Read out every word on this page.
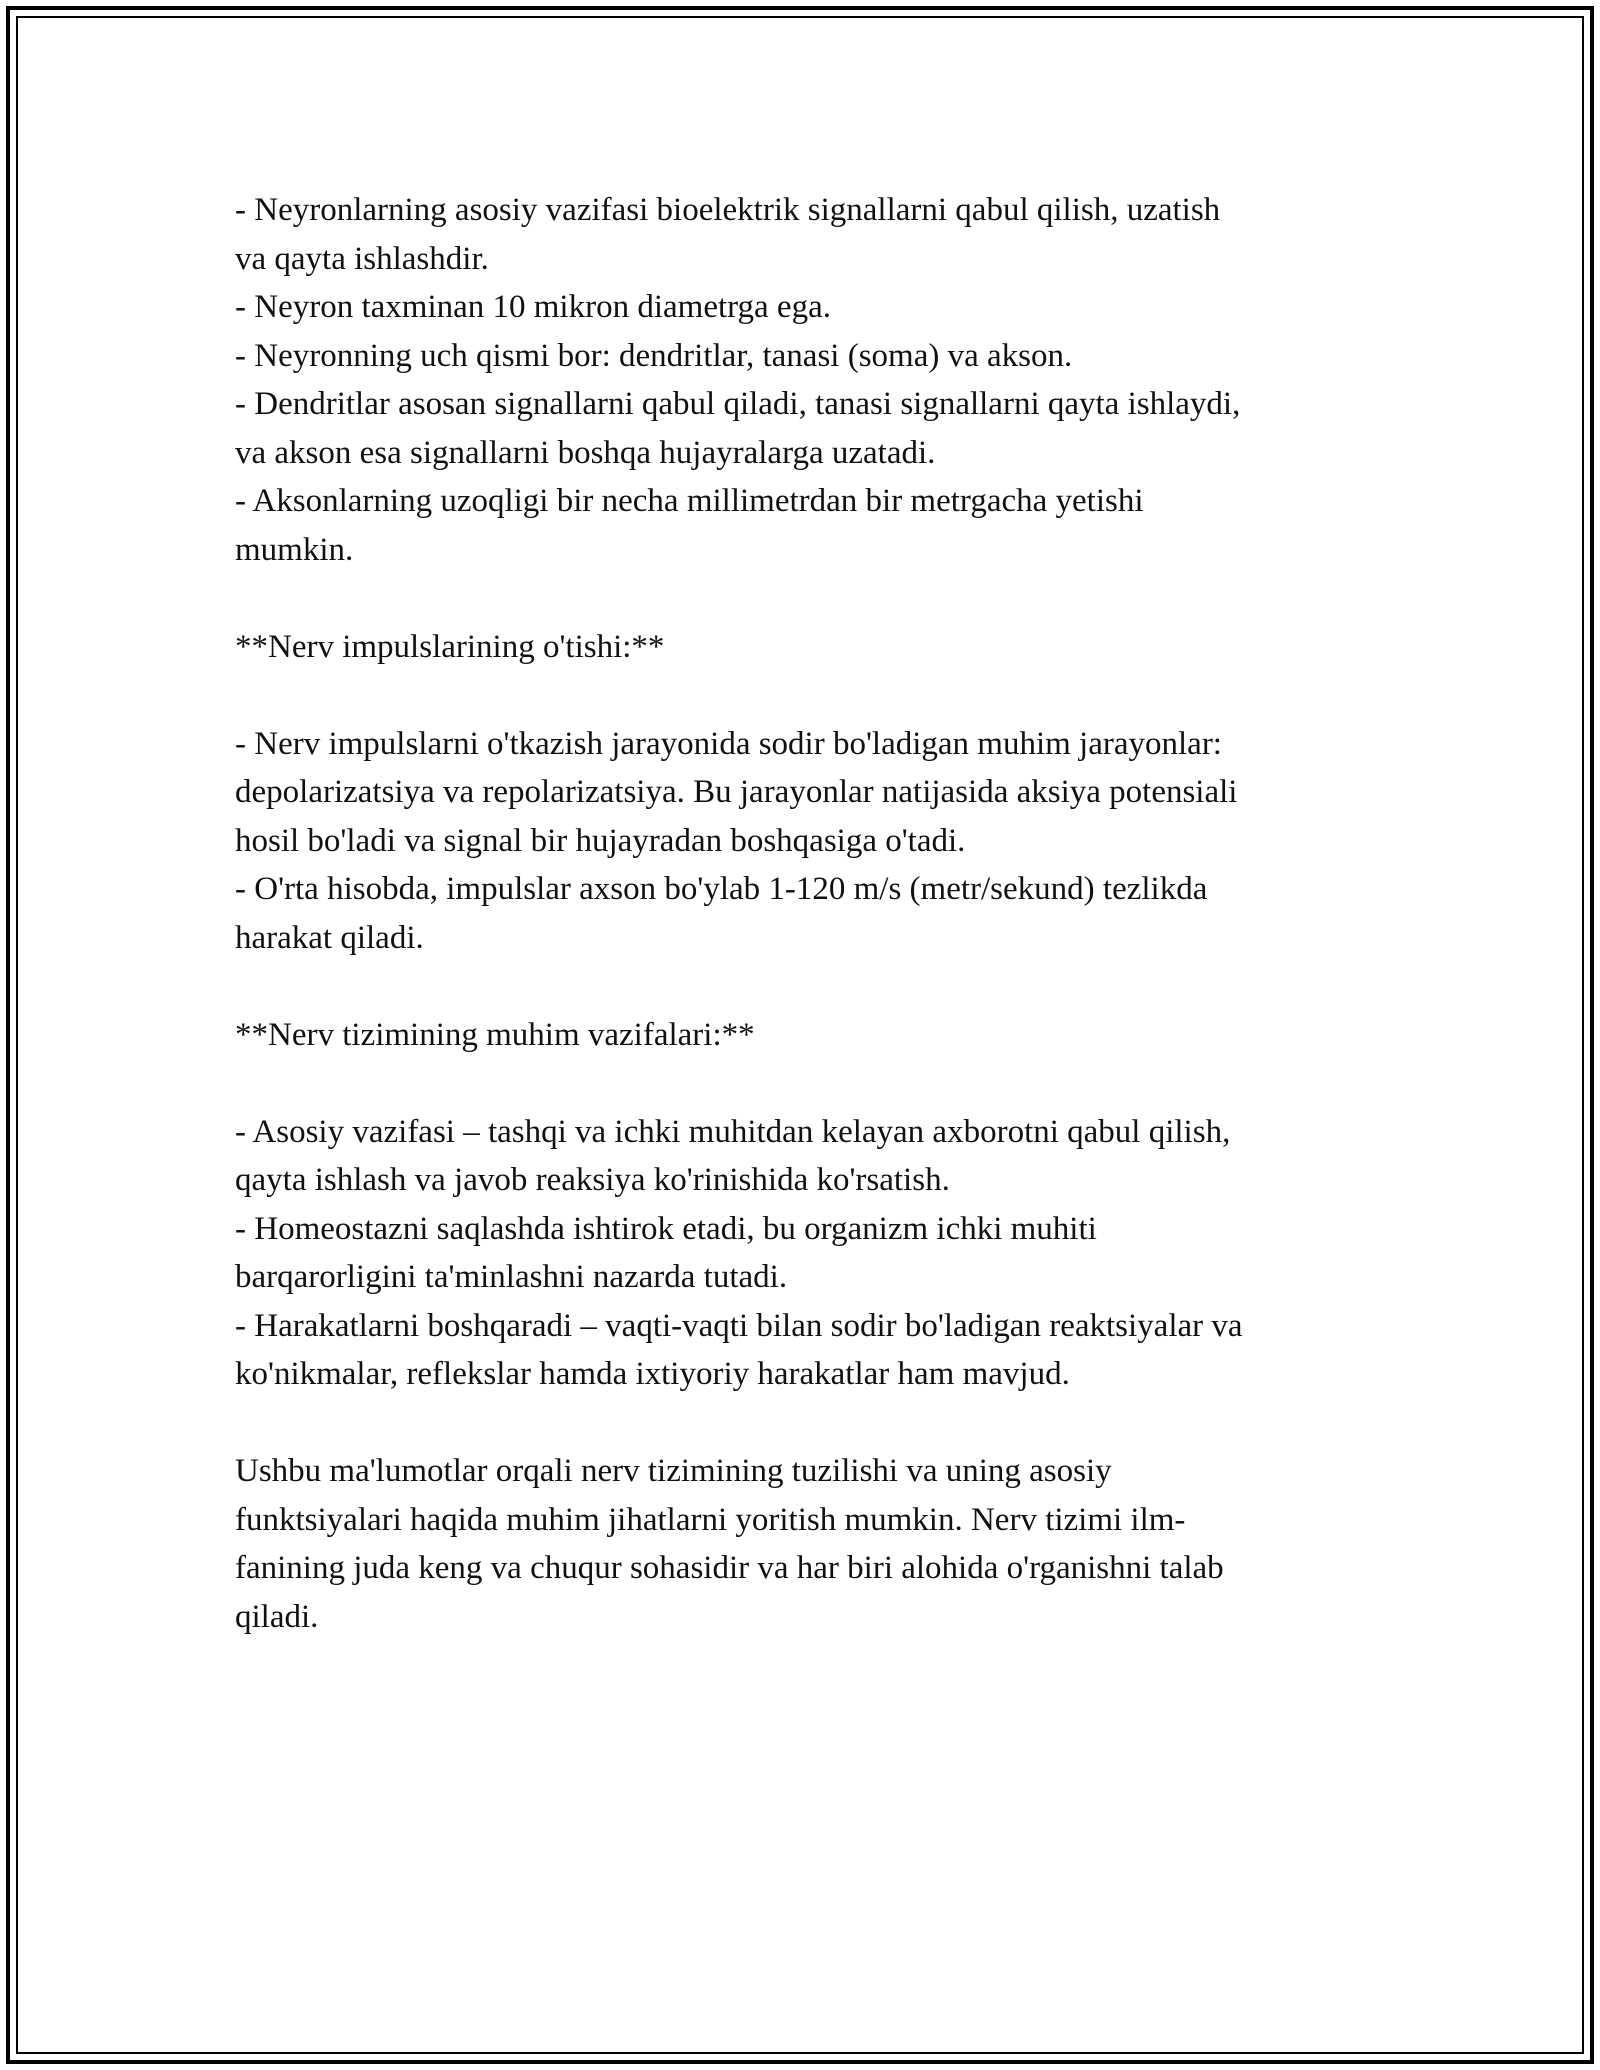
- Neyronlarning asosiy vazifasi bioelektrik signallarni qabul qilish, uzatish

va qayta ishlashdir.

- Neyron taxminan 10 mikron diametrga ega.

- Neyronning uch qismi bor: dendritlar, tanasi (soma) va akson.

- Dendritlar asosan signallarni qabul qiladi, tanasi signallarni qayta ishlaydi,

va akson esa signallarni boshqa hujayralarga uzatadi.

- Aksonlarning uzoqligi bir necha millimetrdan bir metrgacha yetishi

mumkin.

**Nerv impulslarining o'tishi:**

- Nerv impulslarni o'tkazish jarayonida sodir bo'ladigan muhim jarayonlar:

depolarizatsiya va repolarizatsiya. Bu jarayonlar natijasida aksiya potensiali

hosil bo'ladi va signal bir hujayradan boshqasiga o'tadi.

- O'rta hisobda, impulslar axson bo'ylab 1-120 m/s (metr/sekund) tezlikda

harakat qiladi.

**Nerv tizimining muhim vazifalari:**

- Asosiy vazifasi – tashqi va ichki muhitdan kelayan axborotni qabul qilish,

qayta ishlash va javob reaksiya ko'rinishida ko'rsatish.

- Homeostazni saqlashda ishtirok etadi, bu organizm ichki muhiti

barqarorligini ta'minlashni nazarda tutadi.

- Harakatlarni boshqaradi – vaqti-vaqti bilan sodir bo'ladigan reaktsiyalar va

ko'nikmalar, reflekslar hamda ixtiyoriy harakatlar ham mavjud.

Ushbu ma'lumotlar orqali nerv tizimining tuzilishi va uning asosiy

funktsiyalari haqida muhim jihatlarni yoritish mumkin. Nerv tizimi ilm-

fanining juda keng va chuqur sohasidir va har biri alohida o'rganishni talab

qiladi.
